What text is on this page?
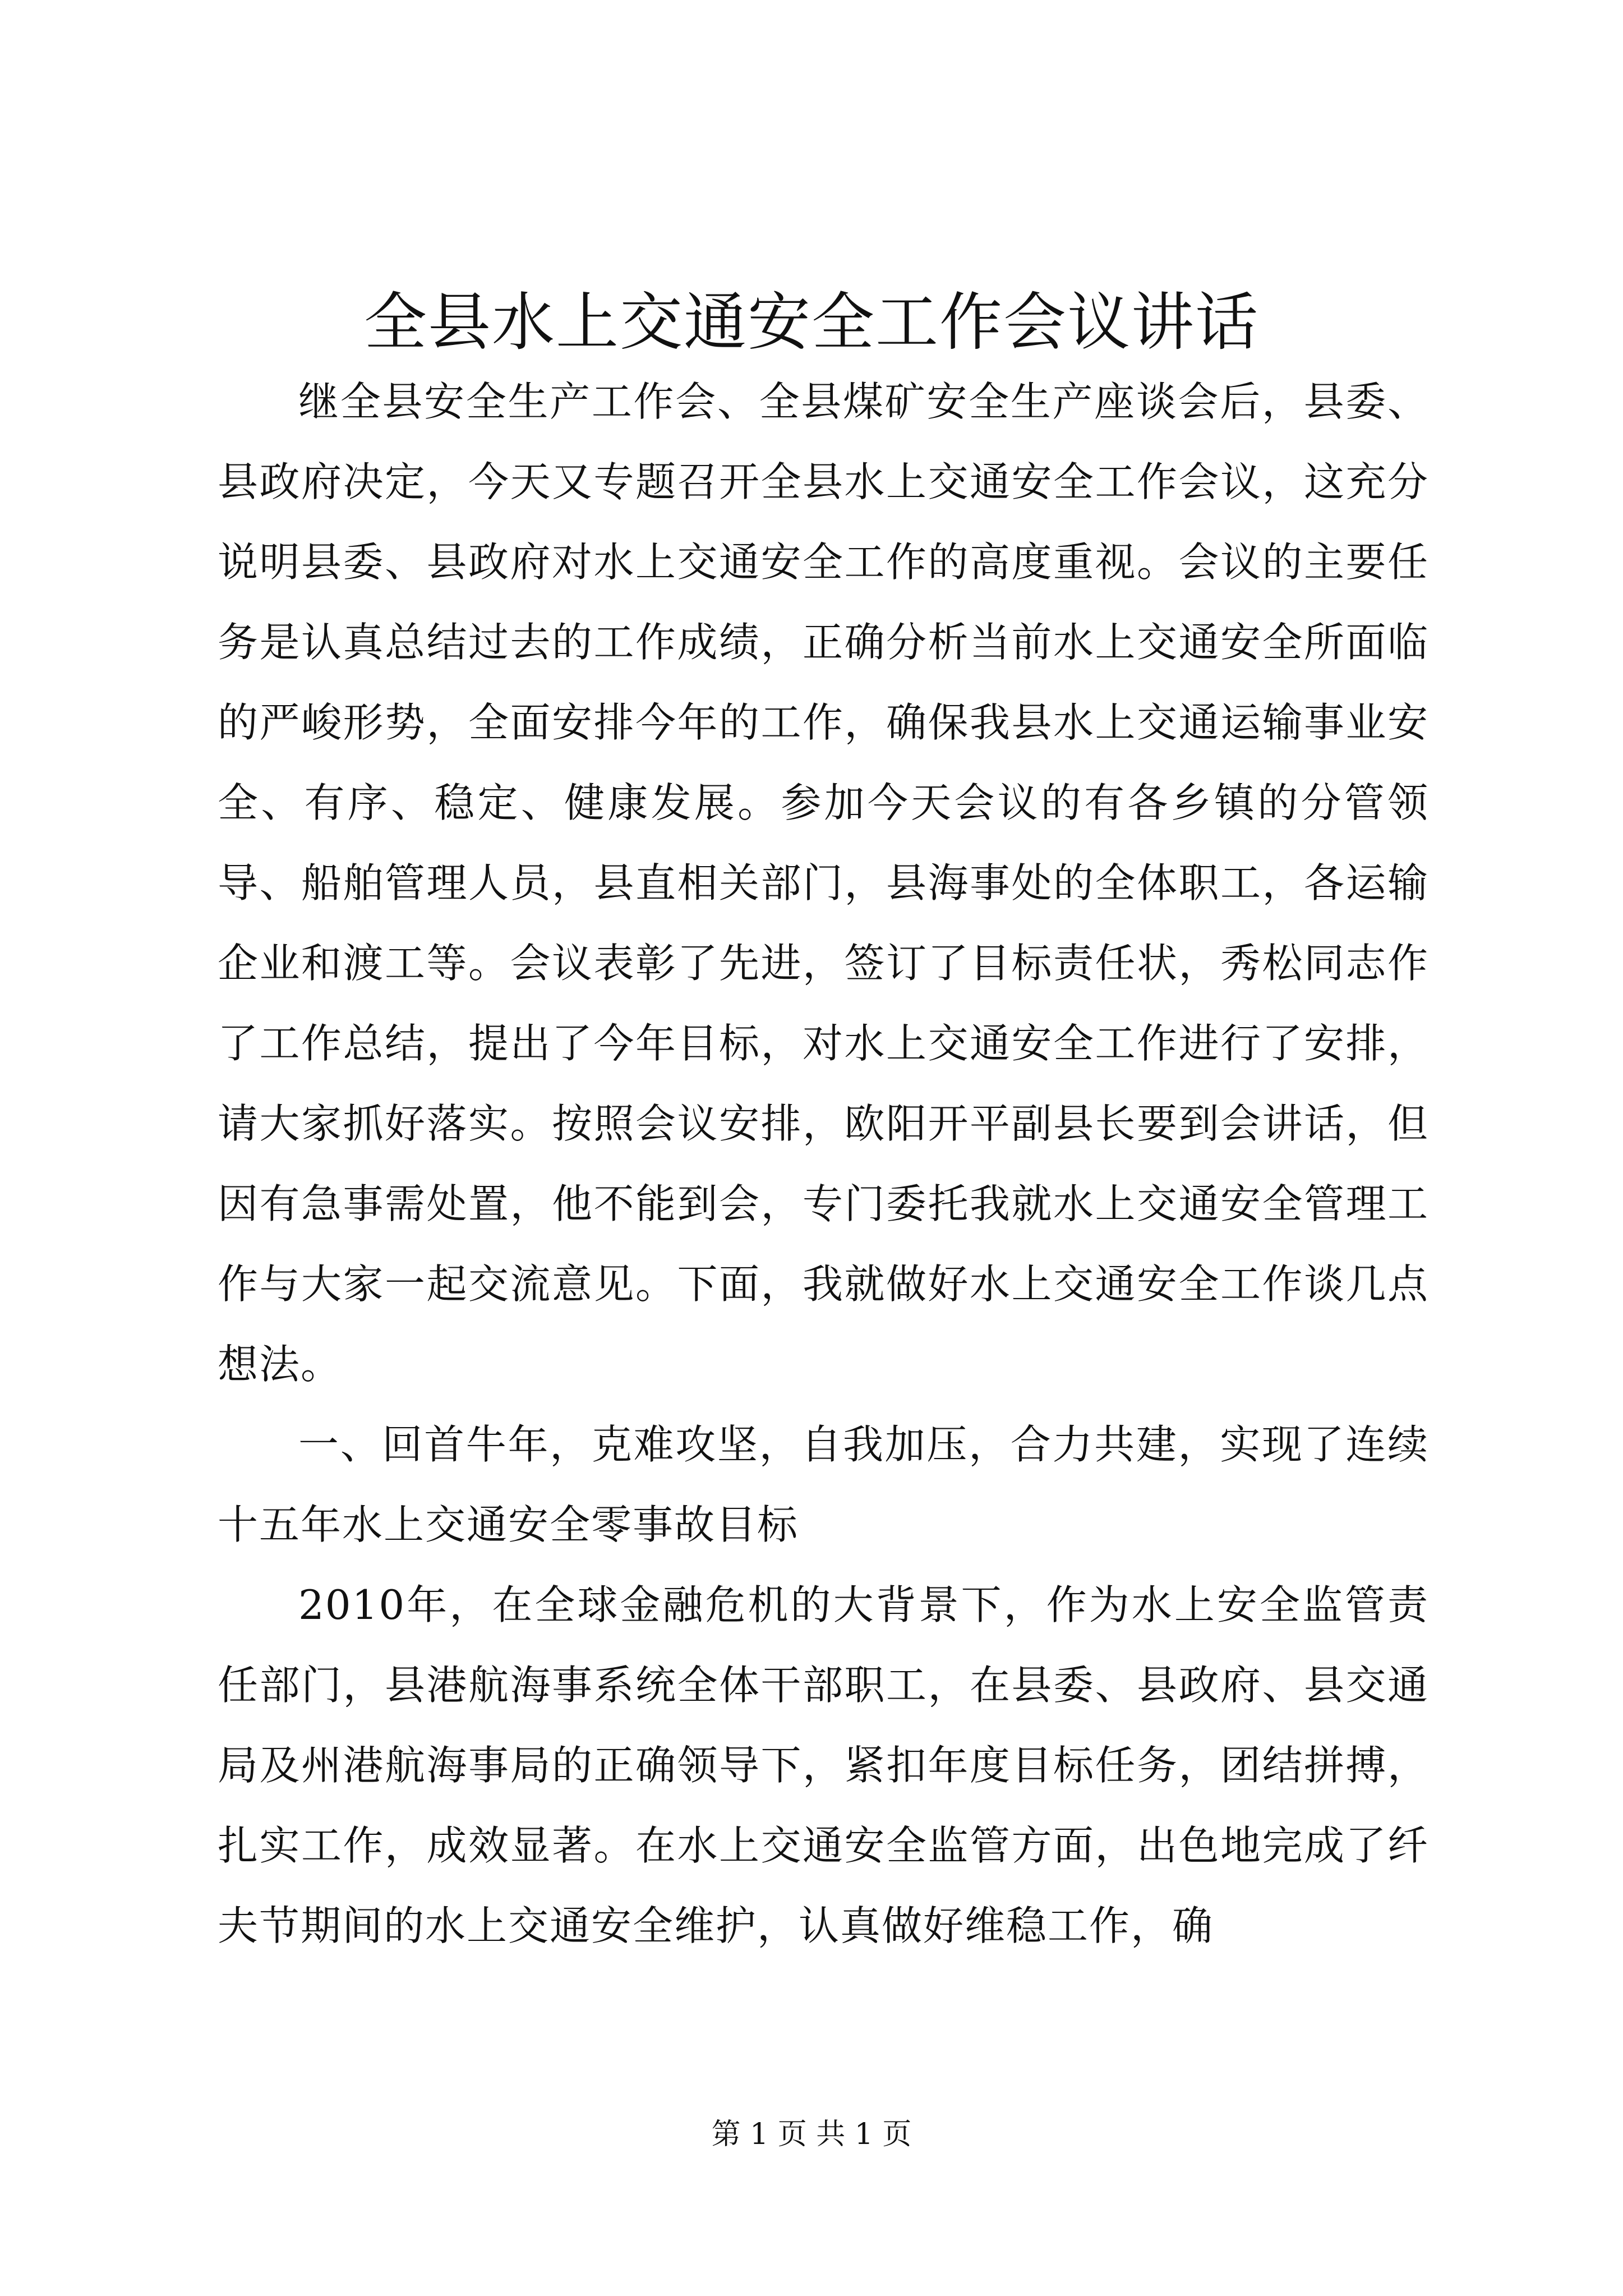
全县水上交通安全工作会议讲话

继全县安全生产工作会、全县煤矿安全生产座谈会后，县委、县政府决定，今天又专题召开全县水上交通安全工作会议，这充分说明县委、县政府对水上交通安全工作的高度重视。会议的主要任务是认真总结过去的工作成绩，正确分析当前水上交通安全所面临的严峻形势，全面安排今年的工作，确保我县水上交通运输事业安全、有序、稳定、健康发展。参加今天会议的有各乡镇的分管领导、船舶管理人员，县直相关部门，县海事处的全体职工，各运输企业和渡工等。会议表彰了先进，签订了目标责任状，秀松同志作了工作总结，提出了今年目标，对水上交通安全工作进行了安排，请大家抓好落实。按照会议安排，欧阳开平副县长要到会讲话，但因有急事需处置，他不能到会，专门委托我就水上交通安全管理工作与大家一起交流意见。下面，我就做好水上交通安全工作谈几点想法。

一、回首牛年，克难攻坚，自我加压，合力共建，实现了连续十五年水上交通安全零事故目标

2010年，在全球金融危机的大背景下，作为水上安全监管责任部门，县港航海事系统全体干部职工，在县委、县政府、县交通局及州港航海事局的正确领导下，紧扣年度目标任务，团结拼搏，扎实工作，成效显著。在水上交通安全监管方面，出色地完成了纤夫节期间的水上交通安全维护，认真做好维稳工作，确

第 1 页 共 1 页
